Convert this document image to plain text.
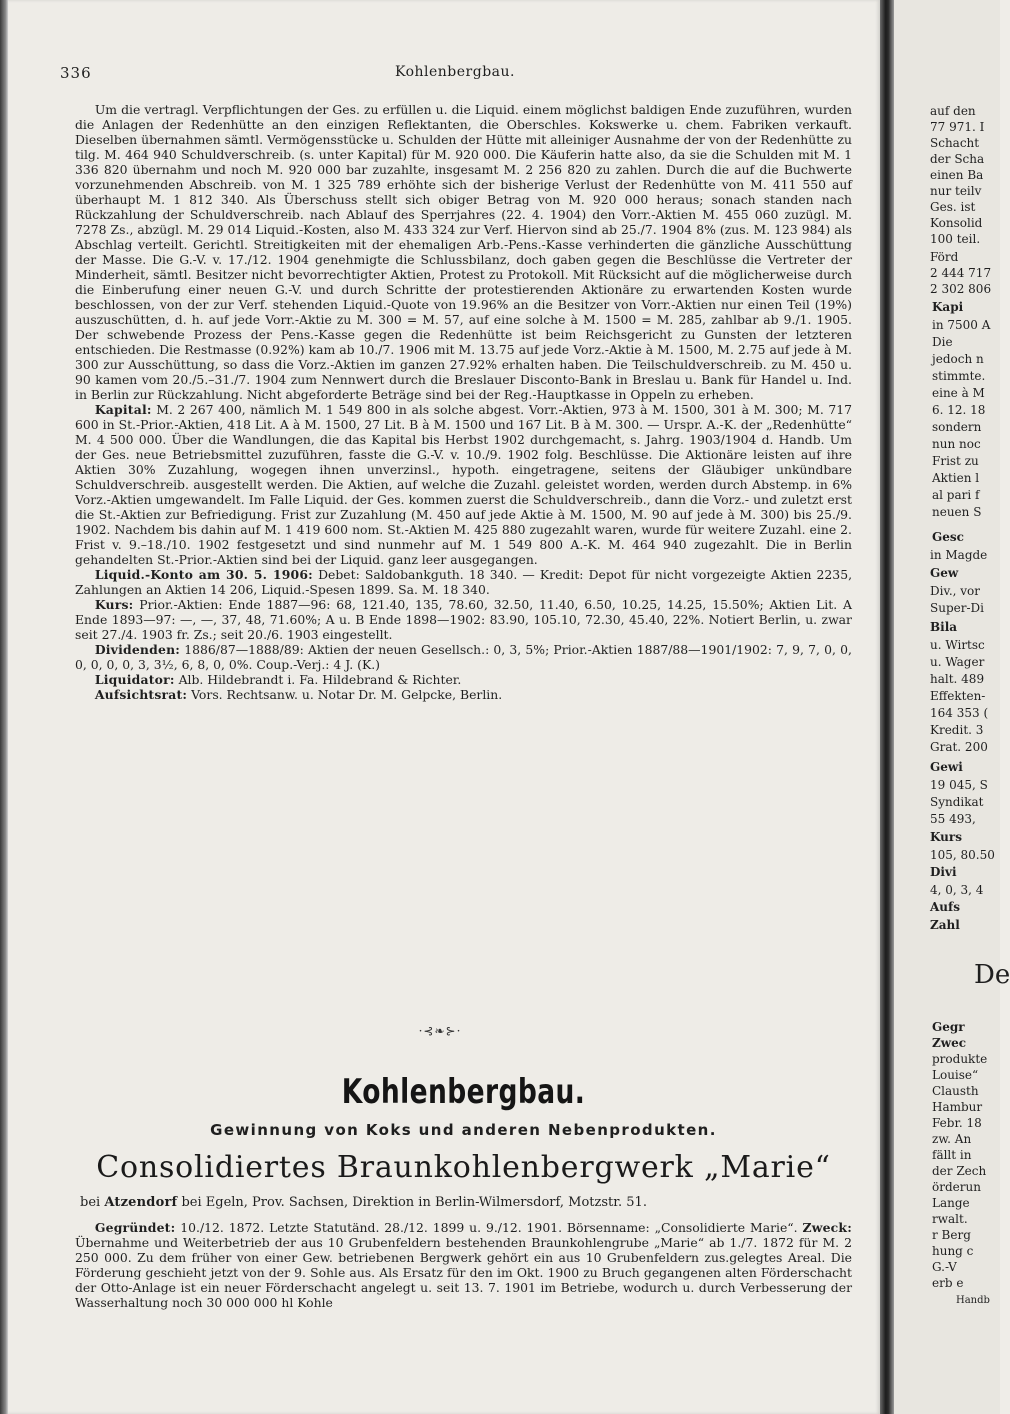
336	Kohlenbergbau.

Um die vertragl. Verpflichtungen der Ges. zu erfüllen u. die Liquid. einem möglichst baldigen Ende zuzuführen, wurden die Anlagen der Redenhütte an den einzigen Reflektanten, die Oberschles. Kokswerke u. chem. Fabriken verkauft. Dieselben übernahmen sämtl. Vermögensstücke u. Schulden der Hütte mit alleiniger Ausnahme der von der Redenhütte zu tilg. M. 464 940 Schuldverschreib. (s. unter Kapital) für M. 920 000. Die Käuferin hatte also, da sie die Schulden mit M. 1 336 820 übernahm und noch M. 920 000 bar zuzahlte, insgesamt M. 2 256 820 zu zahlen. Durch die auf die Buchwerte vorzunehmenden Abschreib. von M. 1 325 789 erhöhte sich der bisherige Verlust der Redenhütte von M. 411 550 auf überhaupt M. 1 812 340. Als Überschuss stellt sich obiger Betrag von M. 920 000 heraus; sonach standen nach Rückzahlung der Schuldverschreib. nach Ablauf des Sperrjahres (22. 4. 1904) den Vorr.-Aktien M. 455 060 zuzügl. M. 7278 Zs., abzügl. M. 29 014 Liquid.-Kosten, also M. 433 324 zur Verf. Hiervon sind ab 25./7. 1904 8% (zus. M. 123 984) als Abschlag verteilt. Gerichtl. Streitigkeiten mit der ehemaligen Arb.-Pens.-Kasse verhinderten die gänzliche Ausschüttung der Masse. Die G.-V. v. 17./12. 1904 genehmigte die Schlussbilanz, doch gaben gegen die Beschlüsse die Vertreter der Minderheit, sämtl. Besitzer nicht bevorrechtigter Aktien, Protest zu Protokoll. Mit Rücksicht auf die möglicherweise durch die Einberufung einer neuen G.-V. und durch Schritte der protestierenden Aktionäre zu erwartenden Kosten wurde beschlossen, von der zur Verf. stehenden Liquid.-Quote von 19.96% an die Besitzer von Vorr.-Aktien nur einen Teil (19%) auszuschütten, d. h. auf jede Vorr.-Aktie zu M. 300 = M. 57, auf eine solche à M. 1500 = M. 285, zahlbar ab 9./1. 1905. Der schwebende Prozess der Pens.-Kasse gegen die Redenhütte ist beim Reichsgericht zu Gunsten der letzteren entschieden. Die Restmasse (0.92%) kam ab 10./7. 1906 mit M. 13.75 auf jede Vorz.-Aktie à M. 1500, M. 2.75 auf jede à M. 300 zur Ausschüttung, so dass die Vorz.-Aktien im ganzen 27.92% erhalten haben. Die Teilschuldverschreib. zu M. 450 u. 90 kamen vom 20./5.–31./7. 1904 zum Nennwert durch die Breslauer Disconto-Bank in Breslau u. Bank für Handel u. Ind. in Berlin zur Rückzahlung. Nicht abgeforderte Beträge sind bei der Reg.-Hauptkasse in Oppeln zu erheben.

Kapital: M. 2 267 400, nämlich M. 1 549 800 in als solche abgest. Vorr.-Aktien, 973 à M. 1500, 301 à M. 300; M. 717 600 in St.-Prior.-Aktien, 418 Lit. A à M. 1500, 27 Lit. B à M. 1500 und 167 Lit. B à M. 300. — Urspr. A.-K. der „Redenhütte“ M. 4 500 000. Über die Wandlungen, die das Kapital bis Herbst 1902 durchgemacht, s. Jahrg. 1903/1904 d. Handb. Um der Ges. neue Betriebsmittel zuzuführen, fasste die G.-V. v. 10./9. 1902 folg. Beschlüsse. Die Aktionäre leisten auf ihre Aktien 30% Zuzahlung, wogegen ihnen unverzinsl., hypoth. eingetragene, seitens der Gläubiger unkündbare Schuldverschreib. ausgestellt werden. Die Aktien, auf welche die Zuzahl. geleistet worden, werden durch Abstemp. in 6% Vorz.-Aktien umgewandelt. Im Falle Liquid. der Ges. kommen zuerst die Schuldverschreib., dann die Vorz.- und zuletzt erst die St.-Aktien zur Befriedigung. Frist zur Zuzahlung (M. 450 auf jede Aktie à M. 1500, M. 90 auf jede à M. 300) bis 25./9. 1902. Nachdem bis dahin auf M. 1 419 600 nom. St.-Aktien M. 425 880 zugezahlt waren, wurde für weitere Zuzahl. eine 2. Frist v. 9.–18./10. 1902 festgesetzt und sind nunmehr auf M. 1 549 800 A.-K. M. 464 940 zugezahlt. Die in Berlin gehandelten St.-Prior.-Aktien sind bei der Liquid. ganz leer ausgegangen.

Liquid.-Konto am 30. 5. 1906: Debet: Saldobankguth. 18 340. — Kredit: Depot für nicht vorgezeigte Aktien 2235, Zahlungen an Aktien 14 206, Liquid.-Spesen 1899. Sa. M. 18 340.

Kurs: Prior.-Aktien: Ende 1887—96: 68, 121.40, 135, 78.60, 32.50, 11.40, 6.50, 10.25, 14.25, 15.50%; Aktien Lit. A Ende 1893—97: —, —, 37, 48, 71.60%; A u. B Ende 1898—1902: 83.90, 105.10, 72.30, 45.40, 22%. Notiert Berlin, u. zwar seit 27./4. 1903 fr. Zs.; seit 20./6. 1903 eingestellt.

Dividenden: 1886/87—1888/89: Aktien der neuen Gesellsch.: 0, 3, 5%; Prior.-Aktien 1887/88—1901/1902: 7, 9, 7, 0, 0, 0, 0, 0, 0, 3, 3½, 6, 8, 0, 0%. Coup.-Verj.: 4 J. (K.)

Liquidator: Alb. Hildebrandt i. Fa. Hildebrand & Richter.

Aufsichtsrat: Vors. Rechtsanw. u. Notar Dr. M. Gelpcke, Berlin.

·⊰❧⊱·
Kohlenbergbau.
Gewinnung von Koks und anderen Nebenprodukten.
Consolidiertes Braunkohlenbergwerk „Marie“
bei Atzendorf bei Egeln, Prov. Sachsen, Direktion in Berlin-Wilmersdorf, Motzstr. 51.

Gegründet: 10./12. 1872. Letzte Statutänd. 28./12. 1899 u. 9./12. 1901. Börsenname: „Consolidierte Marie“. Zweck: Übernahme und Weiterbetrieb der aus 10 Grubenfeldern bestehenden Braunkohlengrube „Marie“ ab 1./7. 1872 für M. 2 250 000. Zu dem früher von einer Gew. betriebenen Bergwerk gehört ein aus 10 Grubenfeldern zus.gelegtes Areal. Die Förderung geschieht jetzt von der 9. Sohle aus. Als Ersatz für den im Okt. 1900 zu Bruch gegangenen alten Förderschacht der Otto-Anlage ist ein neuer Förderschacht angelegt u. seit 13. 7. 1901 im Betriebe, wodurch u. durch Verbesserung der Wasserhaltung noch 30 000 000 hl Kohle

auf den
77 971. I
Schacht
der Scha
einen Ba
nur teilv
Ges. ist
Konsolid
100 teil.
Förd
2 444 717
2 302 806
Kapi
in 7500 A
Die
jedoch n
stimmte.
eine à M
6. 12. 18
sondern
nun noc
Frist zu
Aktien l
al pari f
neuen S
Gesc
in Magde
Gew
Div., vor
Super-Di
Bila
u. Wirtsc
u. Wager
halt. 489
Effekten-
164 353 (
Kredit. 3
Grat. 200
Gewi
19 045, S
Syndikat
55 493,
Kurs
105, 80.50
Divi
4, 0, 3, 4
Aufs
Zahl
De
Gegr
Zwec
produkte
Louise“
Clausth
Hambur
Febr. 18
zw. An
fällt in
der Zech
örderun
Lange
rwalt.
r Berg
hung c
G.-V
erb e
Handb
